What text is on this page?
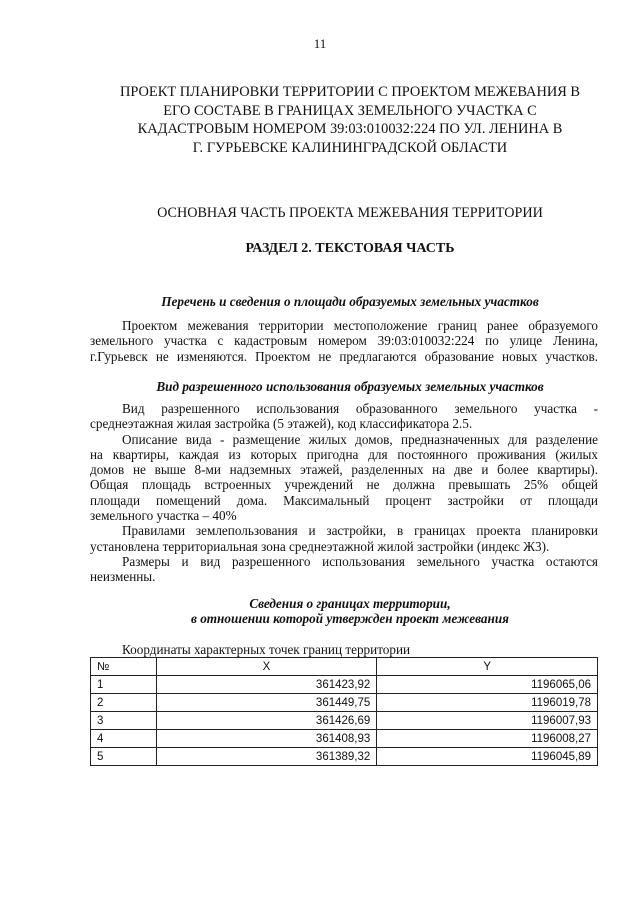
11
ПРОЕКТ ПЛАНИРОВКИ ТЕРРИТОРИИ С ПРОЕКТОМ МЕЖЕВАНИЯ В
ЕГО СОСТАВЕ В ГРАНИЦАХ ЗЕМЕЛЬНОГО УЧАСТКА С
КАДАСТРОВЫМ НОМЕРОМ 39:03:010032:224 ПО УЛ. ЛЕНИНА В
Г. ГУРЬЕВСКЕ КАЛИНИНГРАДСКОЙ ОБЛАСТИ
ОСНОВНАЯ ЧАСТЬ ПРОЕКТА МЕЖЕВАНИЯ ТЕРРИТОРИИ
РАЗДЕЛ 2. ТЕКСТОВАЯ ЧАСТЬ
Перечень и сведения о площади образуемых земельных участков
Проектом межевания территории местоположение границ ранее образуемого
земельного участка с кадастровым номером 39:03:010032:224 по улице Ленина,
г.Гурьевск не изменяются. Проектом не предлагаются образование новых участков.
Вид разрешенного использования образуемых земельных участков
Вид разрешенного использования образованного земельного участка -
среднеэтажная жилая застройка (5 этажей), код классификатора 2.5.
Описание вида - размещение жилых домов, предназначенных для разделение
на квартиры, каждая из которых пригодна для постоянного проживания (жилых
домов не выше 8-ми надземных этажей, разделенных на две и более квартиры).
Общая площадь встроенных учреждений не должна превышать 25% общей
площади помещений дома. Максимальный процент застройки от площади
земельного участка – 40%
Правилами землепользования и застройки, в границах проекта планировки
установлена территориальная зона среднеэтажной жилой застройки (индекс Ж3).
Размеры и вид разрешенного использования земельного участка остаются
неизменны.
Сведения о границах территории,
в отношении которой утвержден проект межевания
Координаты характерных точек границ территории
№	X	Y
1	361423,92	1196065,06
2	361449,75	1196019,78
3	361426,69	1196007,93
4	361408,93	1196008,27
5	361389,32	1196045,89
